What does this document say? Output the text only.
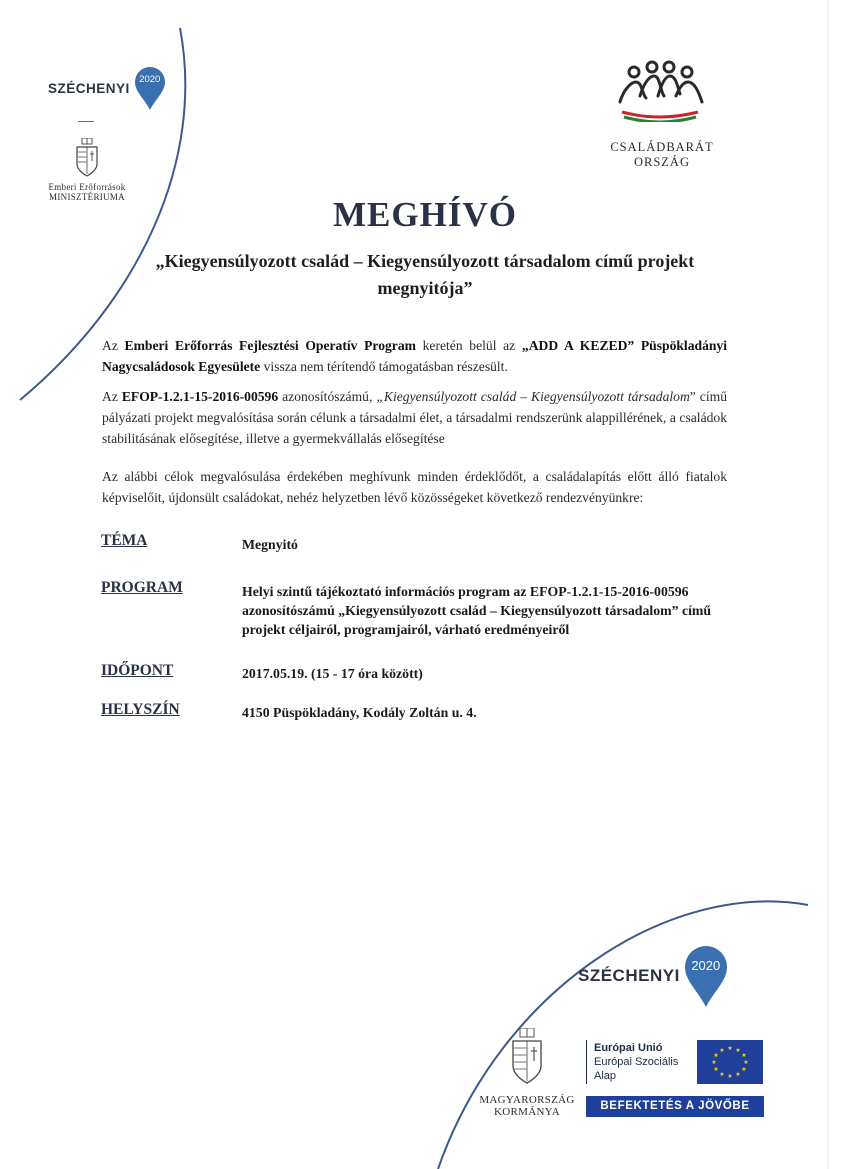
SZÉCHENYI
2020
Emberi Erőforrások
MINISZTÉRIUMA
CSALÁDBARÁT
ORSZÁG
MEGHÍVÓ
„Kiegyensúlyozott család – Kiegyensúlyozott társadalom című projekt megnyitója”
Az Emberi Erőforrás Fejlesztési Operatív Program keretén belül az „ADD A KEZED” Püspökladányi Nagycsaládosok Egyesülete vissza nem térítendő támogatásban részesült.
Az EFOP-1.2.1-15-2016-00596 azonosítószámú, „Kiegyensúlyozott család – Kiegyensúlyozott társadalom” című pályázati projekt megvalósítása során célunk a társadalmi élet, a társadalmi rendszerünk alappillérének, a családok stabilitásának elősegítése, illetve a gyermekvállalás elősegítése
Az alábbi célok megvalósulása érdekében meghívunk minden érdeklődőt, a családalapítás előtt álló fiatalok képviselőit, újdonsült családokat, nehéz helyzetben lévő közösségeket következő rendezvényünkre:
TÉMA	Megnyitó
PROGRAM	Helyi szintű tájékoztató információs program az EFOP-1.2.1-15-2016-00596 azonosítószámú „Kiegyensúlyozott család – Kiegyensúlyozott társadalom” című projekt céljairól, programjairól, várható eredményeiről
IDŐPONT	2017.05.19. (15 - 17 óra között)
HELYSZÍN	4150 Püspökladány, Kodály Zoltán u. 4.
SZÉCHENYI
2020
MAGYARORSZÁG
KORMÁNYA
Európai Unió
Európai Szociális
Alap
★ ★
★
★
★
★
★
★
★
★
★
★
BEFEKTETÉS A JÖVŐBE
